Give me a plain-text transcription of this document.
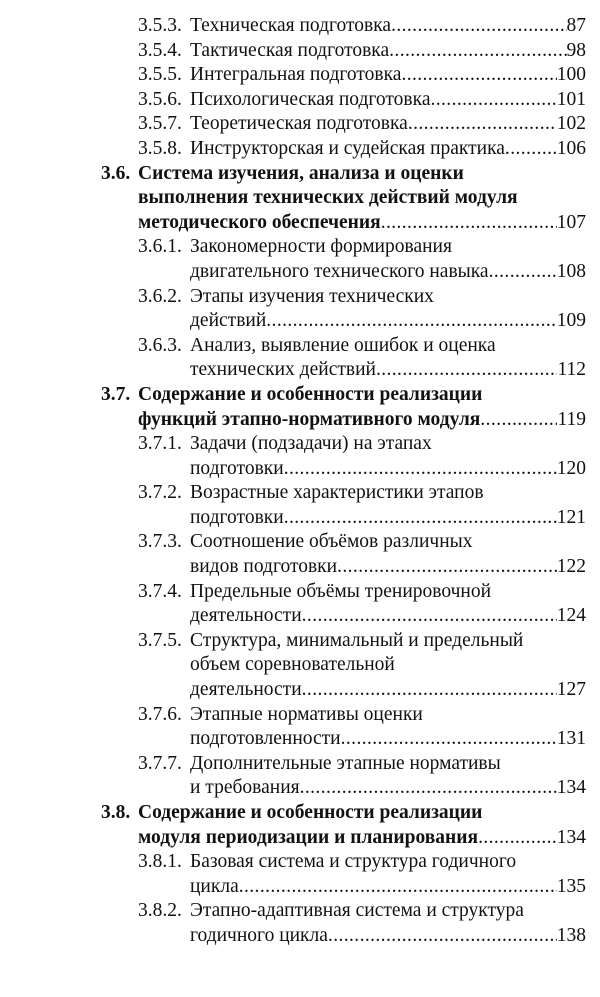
3.5.3. Техническая подготовка .....	87
3.5.4. Тактическая подготовка .....	98
3.5.5. Интегральная подготовка .....	100
3.5.6. Психологическая подготовка .....	101
3.5.7. Теоретическая подготовка .....	102
3.5.8. Инструкторская и судейская практика .....	106
3.6. Система изучения, анализа и оценки
выполнения технических действий модуля
методического обеспечения .....	107
3.6.1. Закономерности формирования
двигательного технического навыка .....	108
3.6.2. Этапы изучения технических
действий .....	109
3.6.3. Анализ, выявление ошибок и оценка
технических действий .....	112
3.7. Содержание и особенности реализации
функций этапно-нормативного модуля .....	119
3.7.1. Задачи (подзадачи) на этапах
подготовки .....	120
3.7.2. Возрастные характеристики этапов
подготовки .....	121
3.7.3. Соотношение объёмов различных
видов подготовки .....	122
3.7.4. Предельные объёмы тренировочной
деятельности .....	124
3.7.5. Структура, минимальный и предельный
объем соревновательной
деятельности .....	127
3.7.6. Этапные нормативы оценки
подготовленности .....	131
3.7.7. Дополнительные этапные нормативы
и требования .....	134
3.8. Содержание и особенности реализации
модуля периодизации и планирования .....	134
3.8.1. Базовая система и структура годичного
цикла .....	135
3.8.2. Этапно-адаптивная система и структура
годичного цикла .....	138
